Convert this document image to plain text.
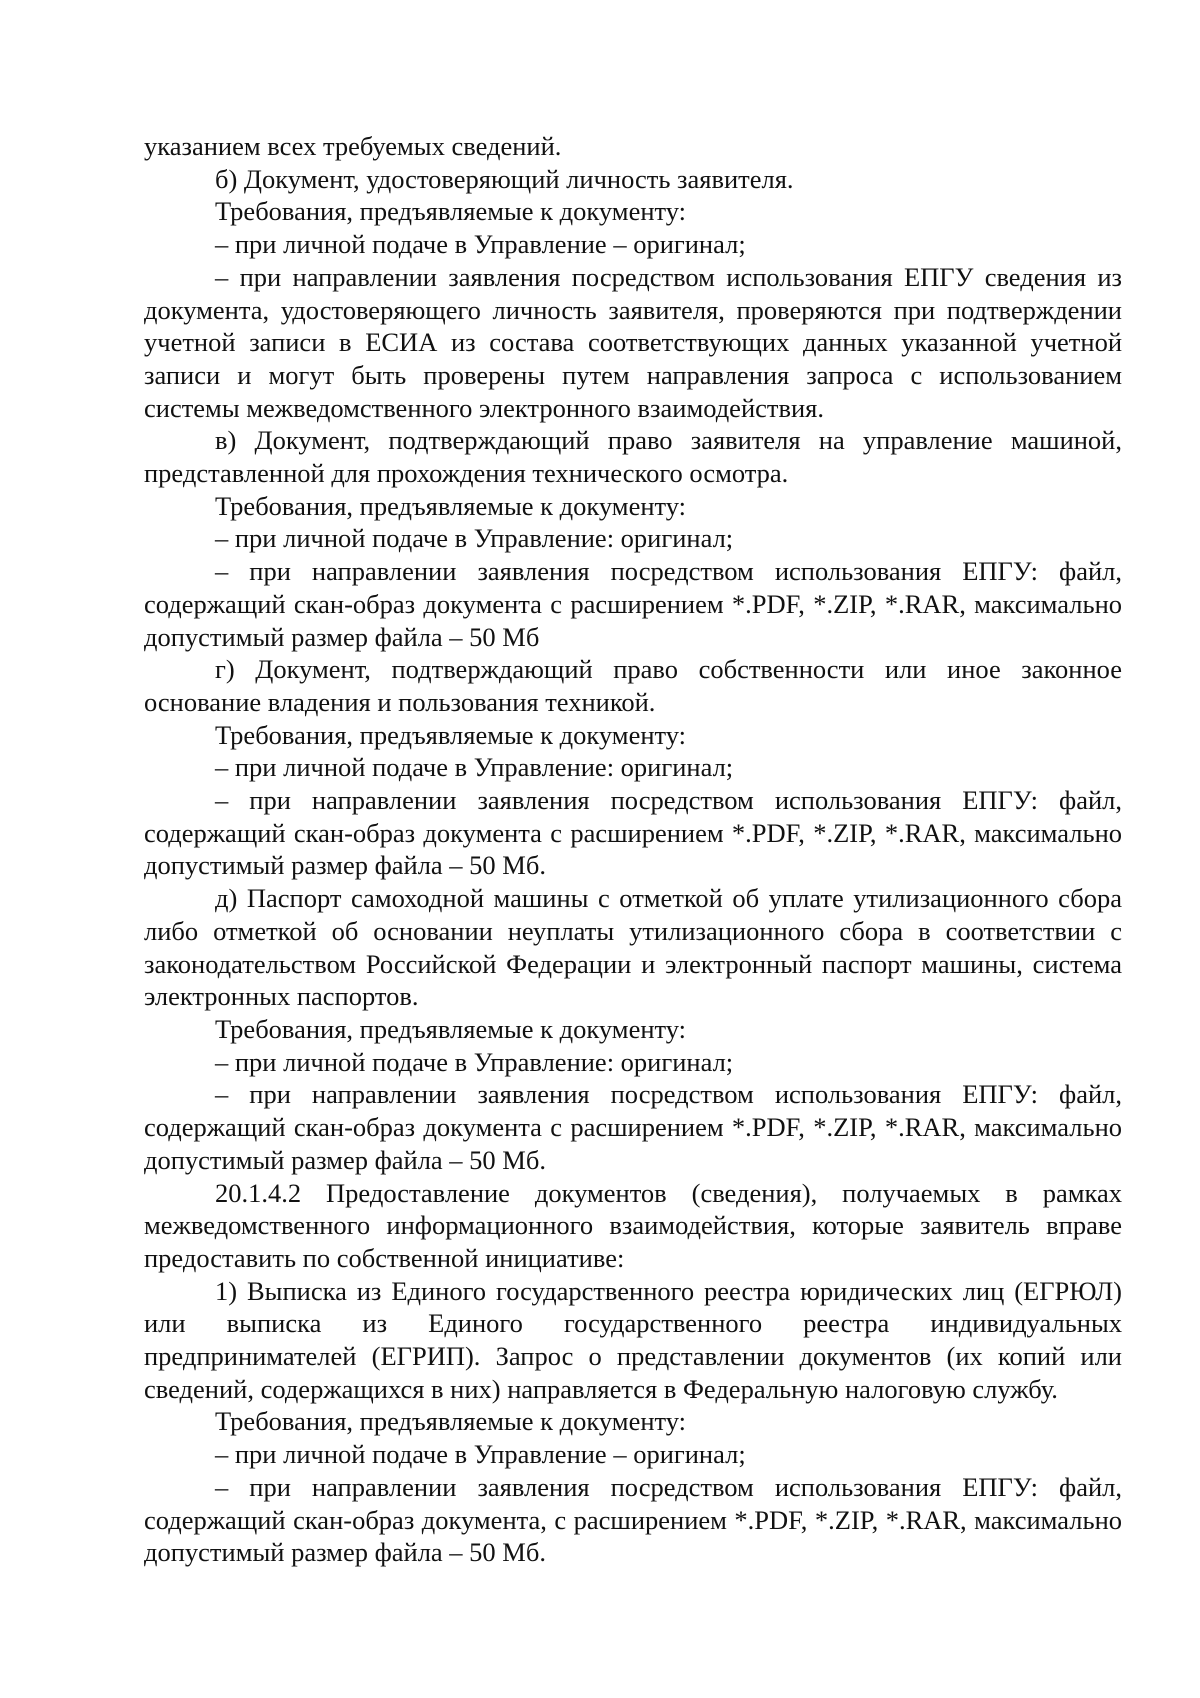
указанием всех требуемых сведений.

б) Документ, удостоверяющий личность заявителя.

Требования, предъявляемые к документу:

– при личной подаче в Управление – оригинал;

– при направлении заявления посредством использования ЕПГУ сведения из документа, удостоверяющего личность заявителя, проверяются при подтверждении учетной записи в ЕСИА из состава соответствующих данных указанной учетной записи и могут быть проверены путем направления запроса с использованием системы межведомственного электронного взаимодействия.

в) Документ, подтверждающий право заявителя на управление машиной, представленной для прохождения технического осмотра.

Требования, предъявляемые к документу:

– при личной подаче в Управление: оригинал;

– при направлении заявления посредством использования ЕПГУ: файл, содержащий скан-образ документа с расширением *.PDF, *.ZIP, *.RAR, максимально допустимый размер файла – 50 Мб

г) Документ, подтверждающий право собственности или иное законное основание владения и пользования техникой.

Требования, предъявляемые к документу:

– при личной подаче в Управление: оригинал;

– при направлении заявления посредством использования ЕПГУ: файл, содержащий скан-образ документа с расширением *.PDF, *.ZIP, *.RAR, максимально допустимый размер файла – 50 Мб.

д) Паспорт самоходной машины с отметкой об уплате утилизационного сбора либо отметкой об основании неуплаты утилизационного сбора в соответствии с законодательством Российской Федерации и электронный паспорт машины, система электронных паспортов.

Требования, предъявляемые к документу:

– при личной подаче в Управление: оригинал;

– при направлении заявления посредством использования ЕПГУ: файл, содержащий скан-образ документа с расширением *.PDF, *.ZIP, *.RAR, максимально допустимый размер файла – 50 Мб.

20.1.4.2 Предоставление документов (сведения), получаемых в рамках межведомственного информационного взаимодействия, которые заявитель вправе предоставить по собственной инициативе:

1) Выписка из Единого государственного реестра юридических лиц (ЕГРЮЛ) или выписка из Единого государственного реестра индивидуальных предпринимателей (ЕГРИП). Запрос о представлении документов (их копий или сведений, содержащихся в них) направляется в Федеральную налоговую службу.

Требования, предъявляемые к документу:

– при личной подаче в Управление – оригинал;

– при направлении заявления посредством использования ЕПГУ: файл, содержащий скан-образ документа, с расширением *.PDF, *.ZIP, *.RAR, максимально допустимый размер файла – 50 Мб.
